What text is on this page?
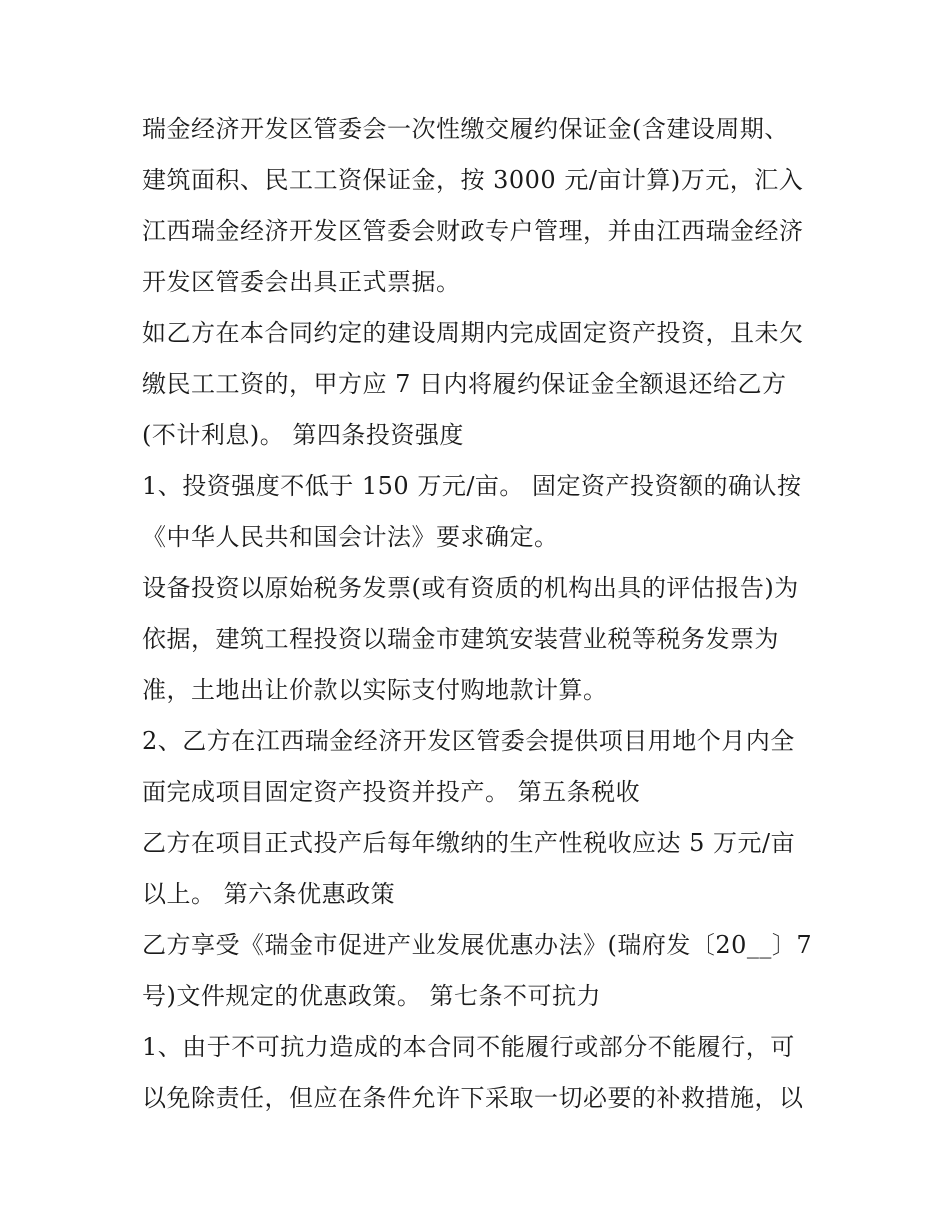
瑞金经济开发区管委会一次性缴交履约保证金(含建设周期、
建筑面积、民工工资保证金，按 3000 元/亩计算)万元，汇入
江西瑞金经济开发区管委会财政专户管理，并由江西瑞金经济
开发区管委会出具正式票据。
如乙方在本合同约定的建设周期内完成固定资产投资，且未欠
缴民工工资的，甲方应 7 日内将履约保证金全额退还给乙方
(不计利息)。 第四条投资强度
1、投资强度不低于 150 万元/亩。 固定资产投资额的确认按
《中华人民共和国会计法》要求确定。
设备投资以原始税务发票(或有资质的机构出具的评估报告)为
依据，建筑工程投资以瑞金市建筑安装营业税等税务发票为
准，土地出让价款以实际支付购地款计算。
2、乙方在江西瑞金经济开发区管委会提供项目用地个月内全
面完成项目固定资产投资并投产。 第五条税收
乙方在项目正式投产后每年缴纳的生产性税收应达 5 万元/亩
以上。 第六条优惠政策
乙方享受《瑞金市促进产业发展优惠办法》(瑞府发〔20__〕7
号)文件规定的优惠政策。 第七条不可抗力
1、由于不可抗力造成的本合同不能履行或部分不能履行，可
以免除责任，但应在条件允许下采取一切必要的补救措施，以
